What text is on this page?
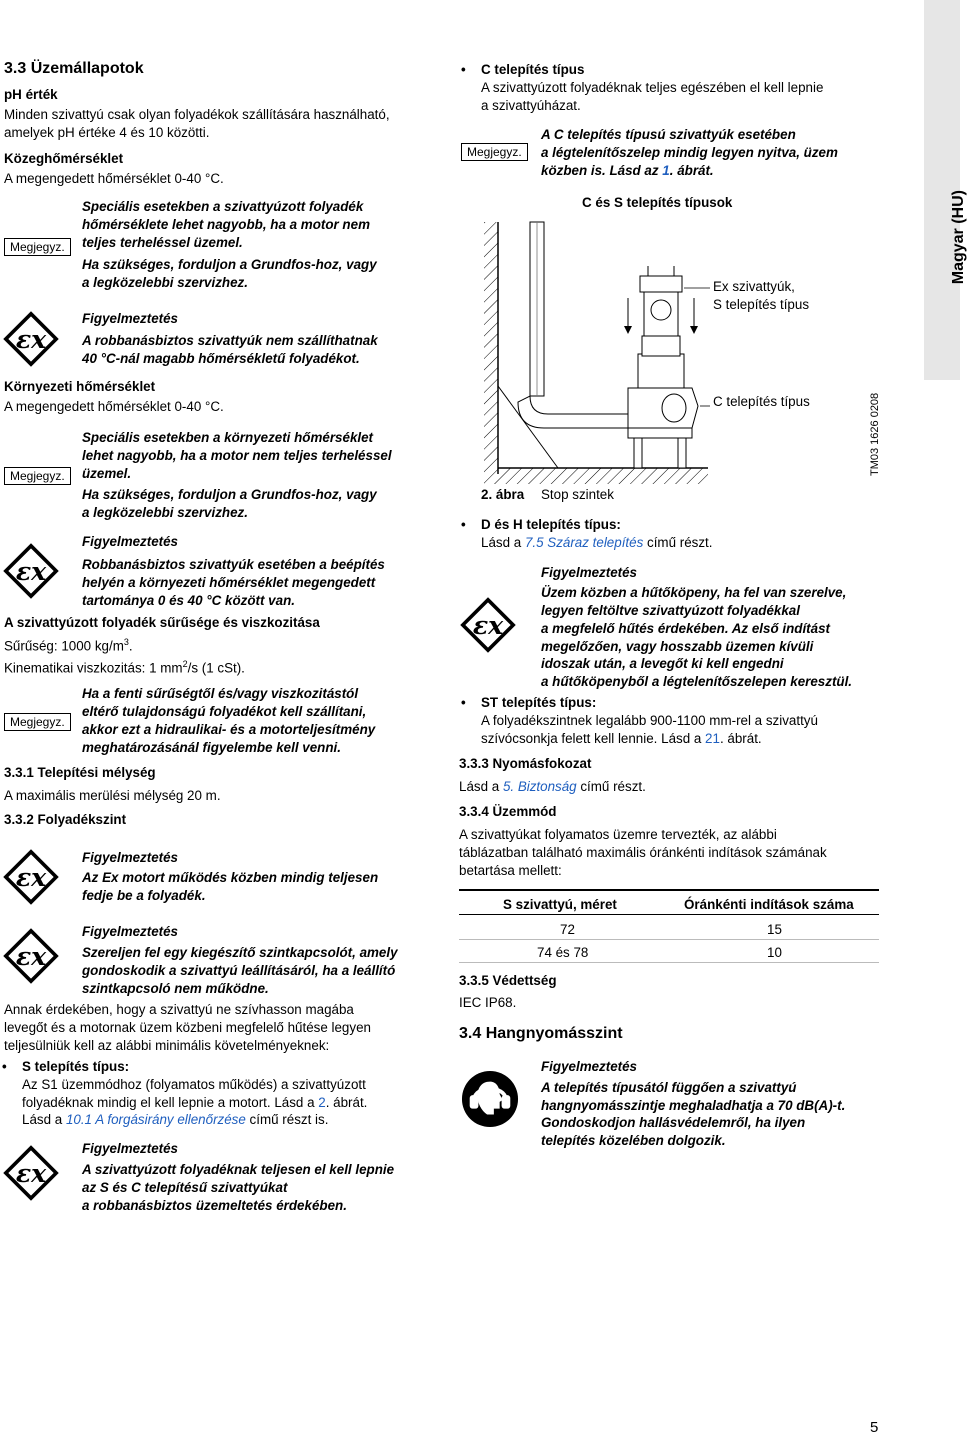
Magyar (HU)
3.3 Üzemállapotok
pH érték
Minden szivattyú csak olyan folyadékok szállítására használható,
amelyek pH értéke 4 és 10 közötti.
Közeghőmérséklet
A megengedett hőmérséklet 0-40 °C.
Megjegyz.
Speciális esetekben a szivattyúzott folyadék
hőmérséklete lehet nagyobb, ha a motor nem
teljes terheléssel üzemel.
Ha szükséges, forduljon a Grundfos-hoz, vagy
a legközelebbi szervizhez.
εx
Figyelmeztetés
A robbanásbiztos szivattyúk nem szállíthatnak
40 °C-nál magabb hőmérsékletű folyadékot.
Környezeti hőmérséklet
A megengedett hőmérséklet 0-40 °C.
Megjegyz.
Speciális esetekben a környezeti hőmérséklet
lehet nagyobb, ha a motor nem teljes terheléssel
üzemel.
Ha szükséges, forduljon a Grundfos-hoz, vagy
a legközelebbi szervizhez.
εx
Figyelmeztetés
Robbanásbiztos szivattyúk esetében a beépítés
helyén a környezeti hőmérséklet megengedett
tartománya 0 és 40 °C között van.
A szivattyúzott folyadék sűrűsége és viszkozitása
Sűrűség: 1000 $kg/m^3$.
Kinematikai viszkozitás: 1 $mm^2/s$ (1 cSt).
Megjegyz.
Ha a fenti sűrűségtől és/vagy viszkozitástól
eltérő tulajdonságú folyadékot kell szállítani,
akkor ezt a hidraulikai- és a motorteljesítmény
meghatározásánál figyelembe kell venni.
3.3.1 Telepítési mélység
A maximális merülési mélység 20 m.
3.3.2 Folyadékszint
εx
Figyelmeztetés
Az Ex motort működés közben mindig teljesen
fedje be a folyadék.
εx
Figyelmeztetés
Szereljen fel egy kiegészítő szintkapcsolót, amely
gondoskodik a szivattyú leállításáról, ha a leállító
szintkapcsoló nem működne.
Annak érdekében, hogy a szivattyú ne szívhasson magába
levegőt és a motornak üzem közbeni megfelelő hűtése legyen
teljesülniük kell az alábbi minimális követelményeknek:
• S telepítés típus:
Az S1 üzemmódhoz (folyamatos működés) a szivattyúzott
folyadéknak mindig el kell lepnie a motort. Lásd a 2. ábrát.
Lásd a 10.1 A forgásirány ellenőrzése című részt is.
εx
Figyelmeztetés
A szivattyúzott folyadéknak teljesen el kell lepnie
az S és C telepítésű szivattyúkat
a robbanásbiztos üzemeltetés érdekében.
• C telepítés típus
A szivattyúzott folyadéknak teljes egészében el kell lepnie
a szivattyúházat.
Megjegyz.
A C telepítés típusú szivattyúk esetében
a légtelenítőszelep mindig legyen nyitva, üzem
közben is. Lásd az 1. ábrát.
C és S telepítés típusok
Ex szivattyúk,
S telepítés típus
C telepítés típus	TM03 1626 0208
2. ábra Stop szintek
• D és H telepítés típus:
Lásd a 7.5 Száraz telepítés című részt.
εx
Figyelmeztetés
Üzem közben a hűtőköpeny, ha fel van szerelve,
legyen feltöltve szivattyúzott folyadékkal
a megfelelő hűtés érdekében. Az első indítást
megelőzően, vagy hosszabb üzemen kívüli
idoszak után, a levegőt ki kell engedni
a hűtőköpenyből a légtelenítőszelepen keresztül.
• ST telepítés típus:
A folyadékszintnek legalább 900-1100 mm-rel a szivattyú
szívócsonkja felett kell lennie. Lásd a 21. ábrát.
3.3.3 Nyomásfokozat
Lásd a 5. Biztonság című részt.
3.3.4 Üzemmód
A szivattyúkat folyamatos üzemre tervezték, az alábbi
táblázatban található maximális óránkénti indítások számának
betartása mellett:
S szivattyú, méret	Óránkénti indítások száma
72	15
74 és 78	10
3.3.5 Védettség
IEC IP68.
3.4 Hangnyomásszint
Figyelmeztetés
A telepítés típusától függően a szivattyú
hangnyomásszintje meghaladhatja a 70 dB(A)-t.
Gondoskodjon hallásvédelemről, ha ilyen
telepítés közelében dolgozik.
5
